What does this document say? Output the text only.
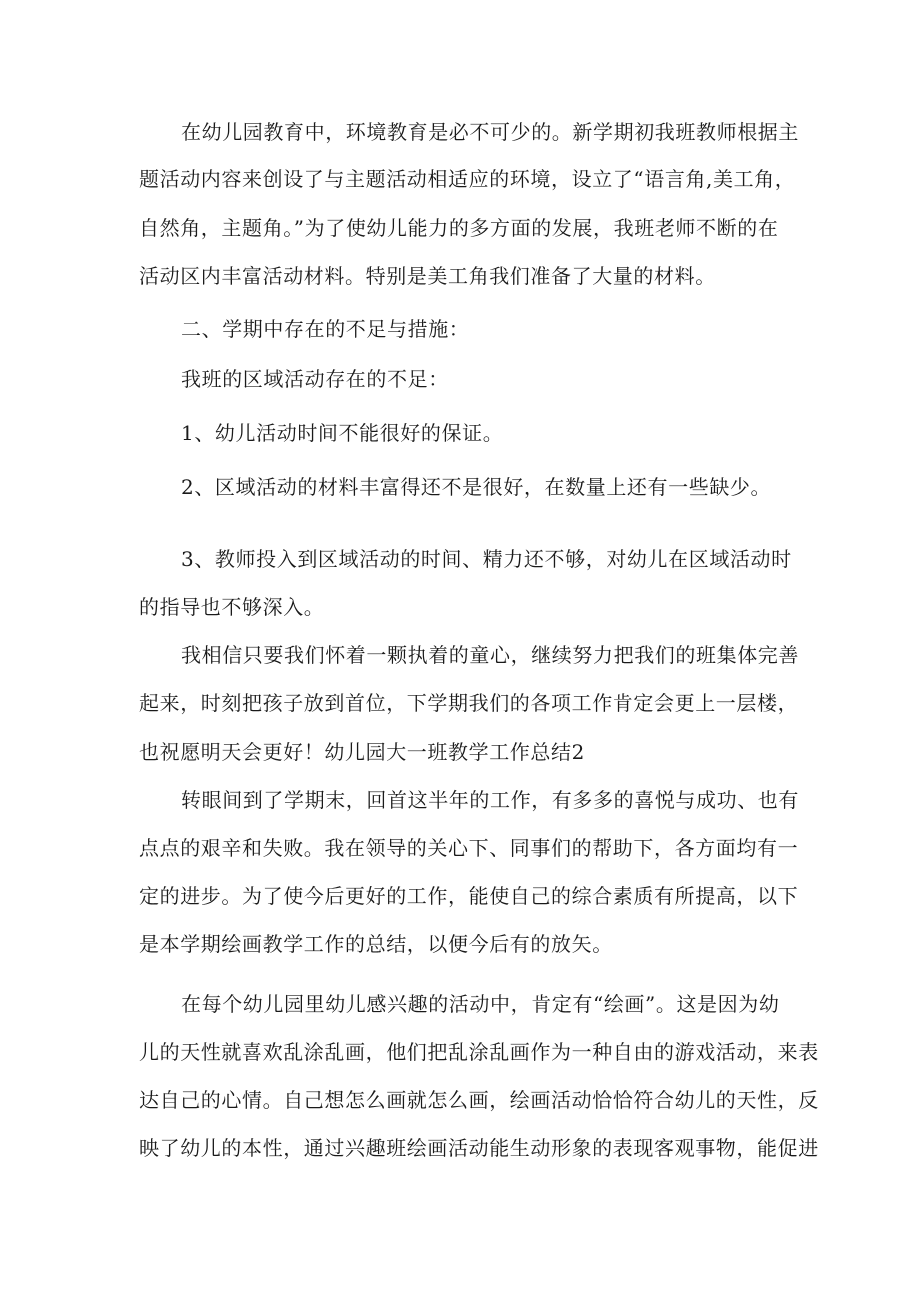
在幼儿园教育中，环境教育是必不可少的。新学期初我班教师根据主
题活动内容来创设了与主题活动相适应的环境，设立了“语言角,美工角，
自然角，主题角。”为了使幼儿能力的多方面的发展，我班老师不断的在
活动区内丰富活动材料。特别是美工角我们准备了大量的材料。
二、学期中存在的不足与措施：
我班的区域活动存在的不足：
1、幼儿活动时间不能很好的保证。
2、区域活动的材料丰富得还不是很好，在数量上还有一些缺少。
3、教师投入到区域活动的时间、精力还不够，对幼儿在区域活动时
的指导也不够深入。
我相信只要我们怀着一颗执着的童心，继续努力把我们的班集体完善
起来，时刻把孩子放到首位，下学期我们的各项工作肯定会更上一层楼，
也祝愿明天会更好！幼儿园大一班教学工作总结2
转眼间到了学期末，回首这半年的工作，有多多的喜悦与成功、也有
点点的艰辛和失败。我在领导的关心下、同事们的帮助下，各方面均有一
定的进步。为了使今后更好的工作，能使自己的综合素质有所提高，以下
是本学期绘画教学工作的总结，以便今后有的放矢。
在每个幼儿园里幼儿感兴趣的活动中，肯定有“绘画”。这是因为幼
儿的天性就喜欢乱涂乱画，他们把乱涂乱画作为一种自由的游戏活动，来表
达自己的心情。自己想怎么画就怎么画，绘画活动恰恰符合幼儿的天性，反
映了幼儿的本性，通过兴趣班绘画活动能生动形象的表现客观事物，能促进
